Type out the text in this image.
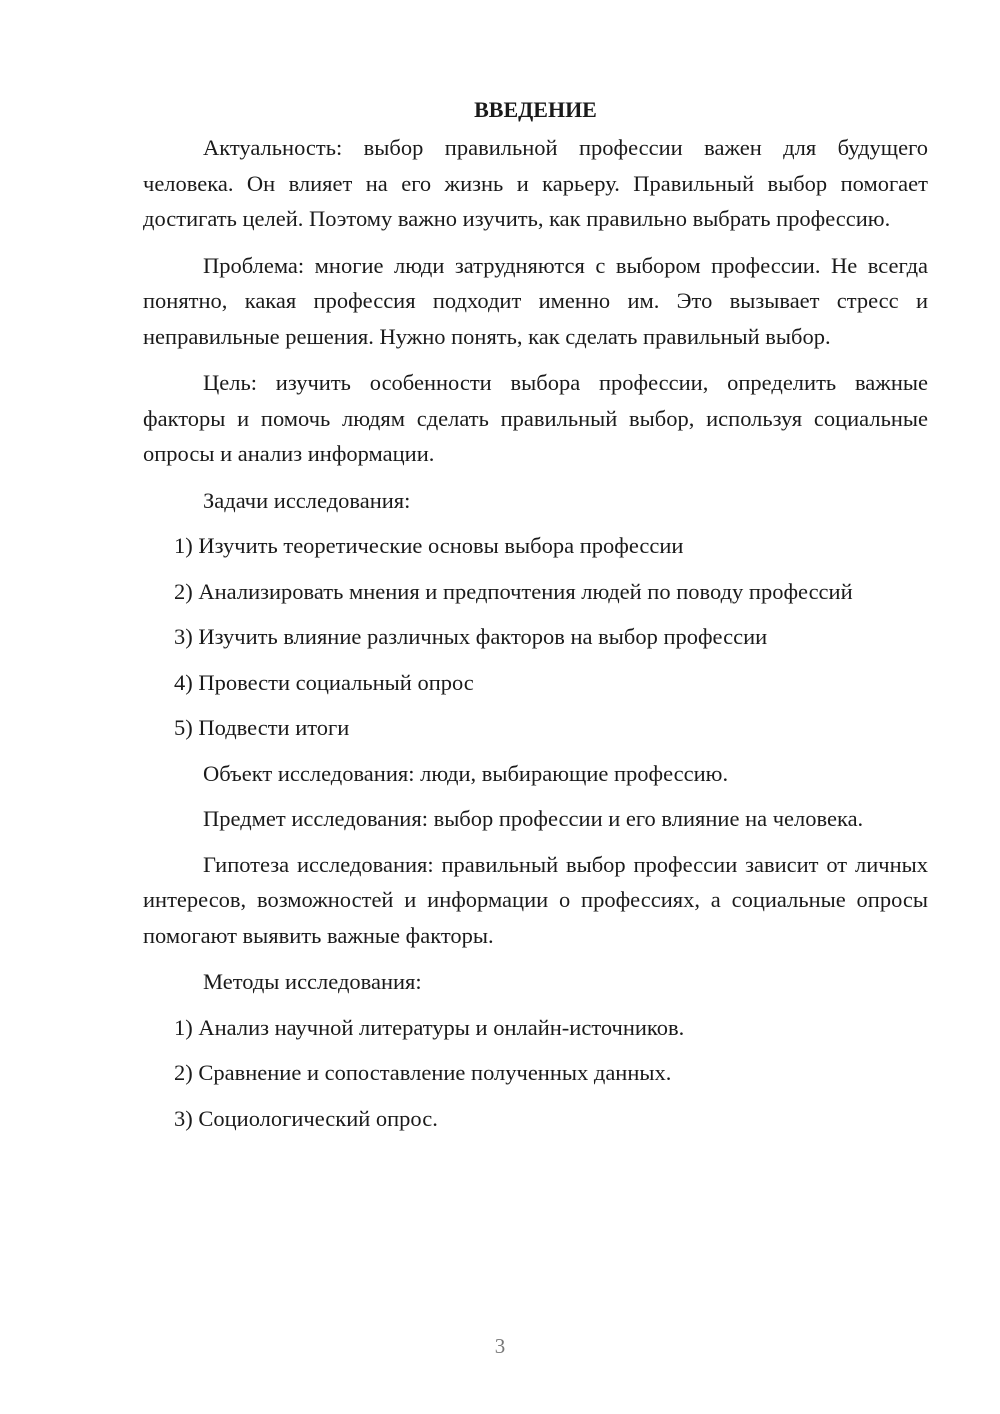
ВВЕДЕНИЕ

Актуальность: выбор правильной профессии важен для будущего человека. Он влияет на его жизнь и карьеру. Правильный выбор помогает достигать целей. Поэтому важно изучить, как правильно выбрать профессию.

Проблема: многие люди затрудняются с выбором профессии. Не всегда понятно, какая профессия подходит именно им. Это вызывает стресс и неправильные решения. Нужно понять, как сделать правильный выбор.

Цель: изучить особенности выбора профессии, определить важные факторы и помочь людям сделать правильный выбор, используя социальные опросы и анализ информации.

Задачи исследования:

1) Изучить теоретические основы выбора профессии
2) Анализировать мнения и предпочтения людей по поводу профессий
3) Изучить влияние различных факторов на выбор профессии
4) Провести социальный опрос
5) Подвести итоги

Объект исследования: люди, выбирающие профессию.

Предмет исследования: выбор профессии и его влияние на человека.

Гипотеза исследования: правильный выбор профессии зависит от личных интересов, возможностей и информации о профессиях, а социальные опросы помогают выявить важные факторы.

Методы исследования:

1) Анализ научной литературы и онлайн-источников.
2) Сравнение и сопоставление полученных данных.
3) Социологический опрос.
3
